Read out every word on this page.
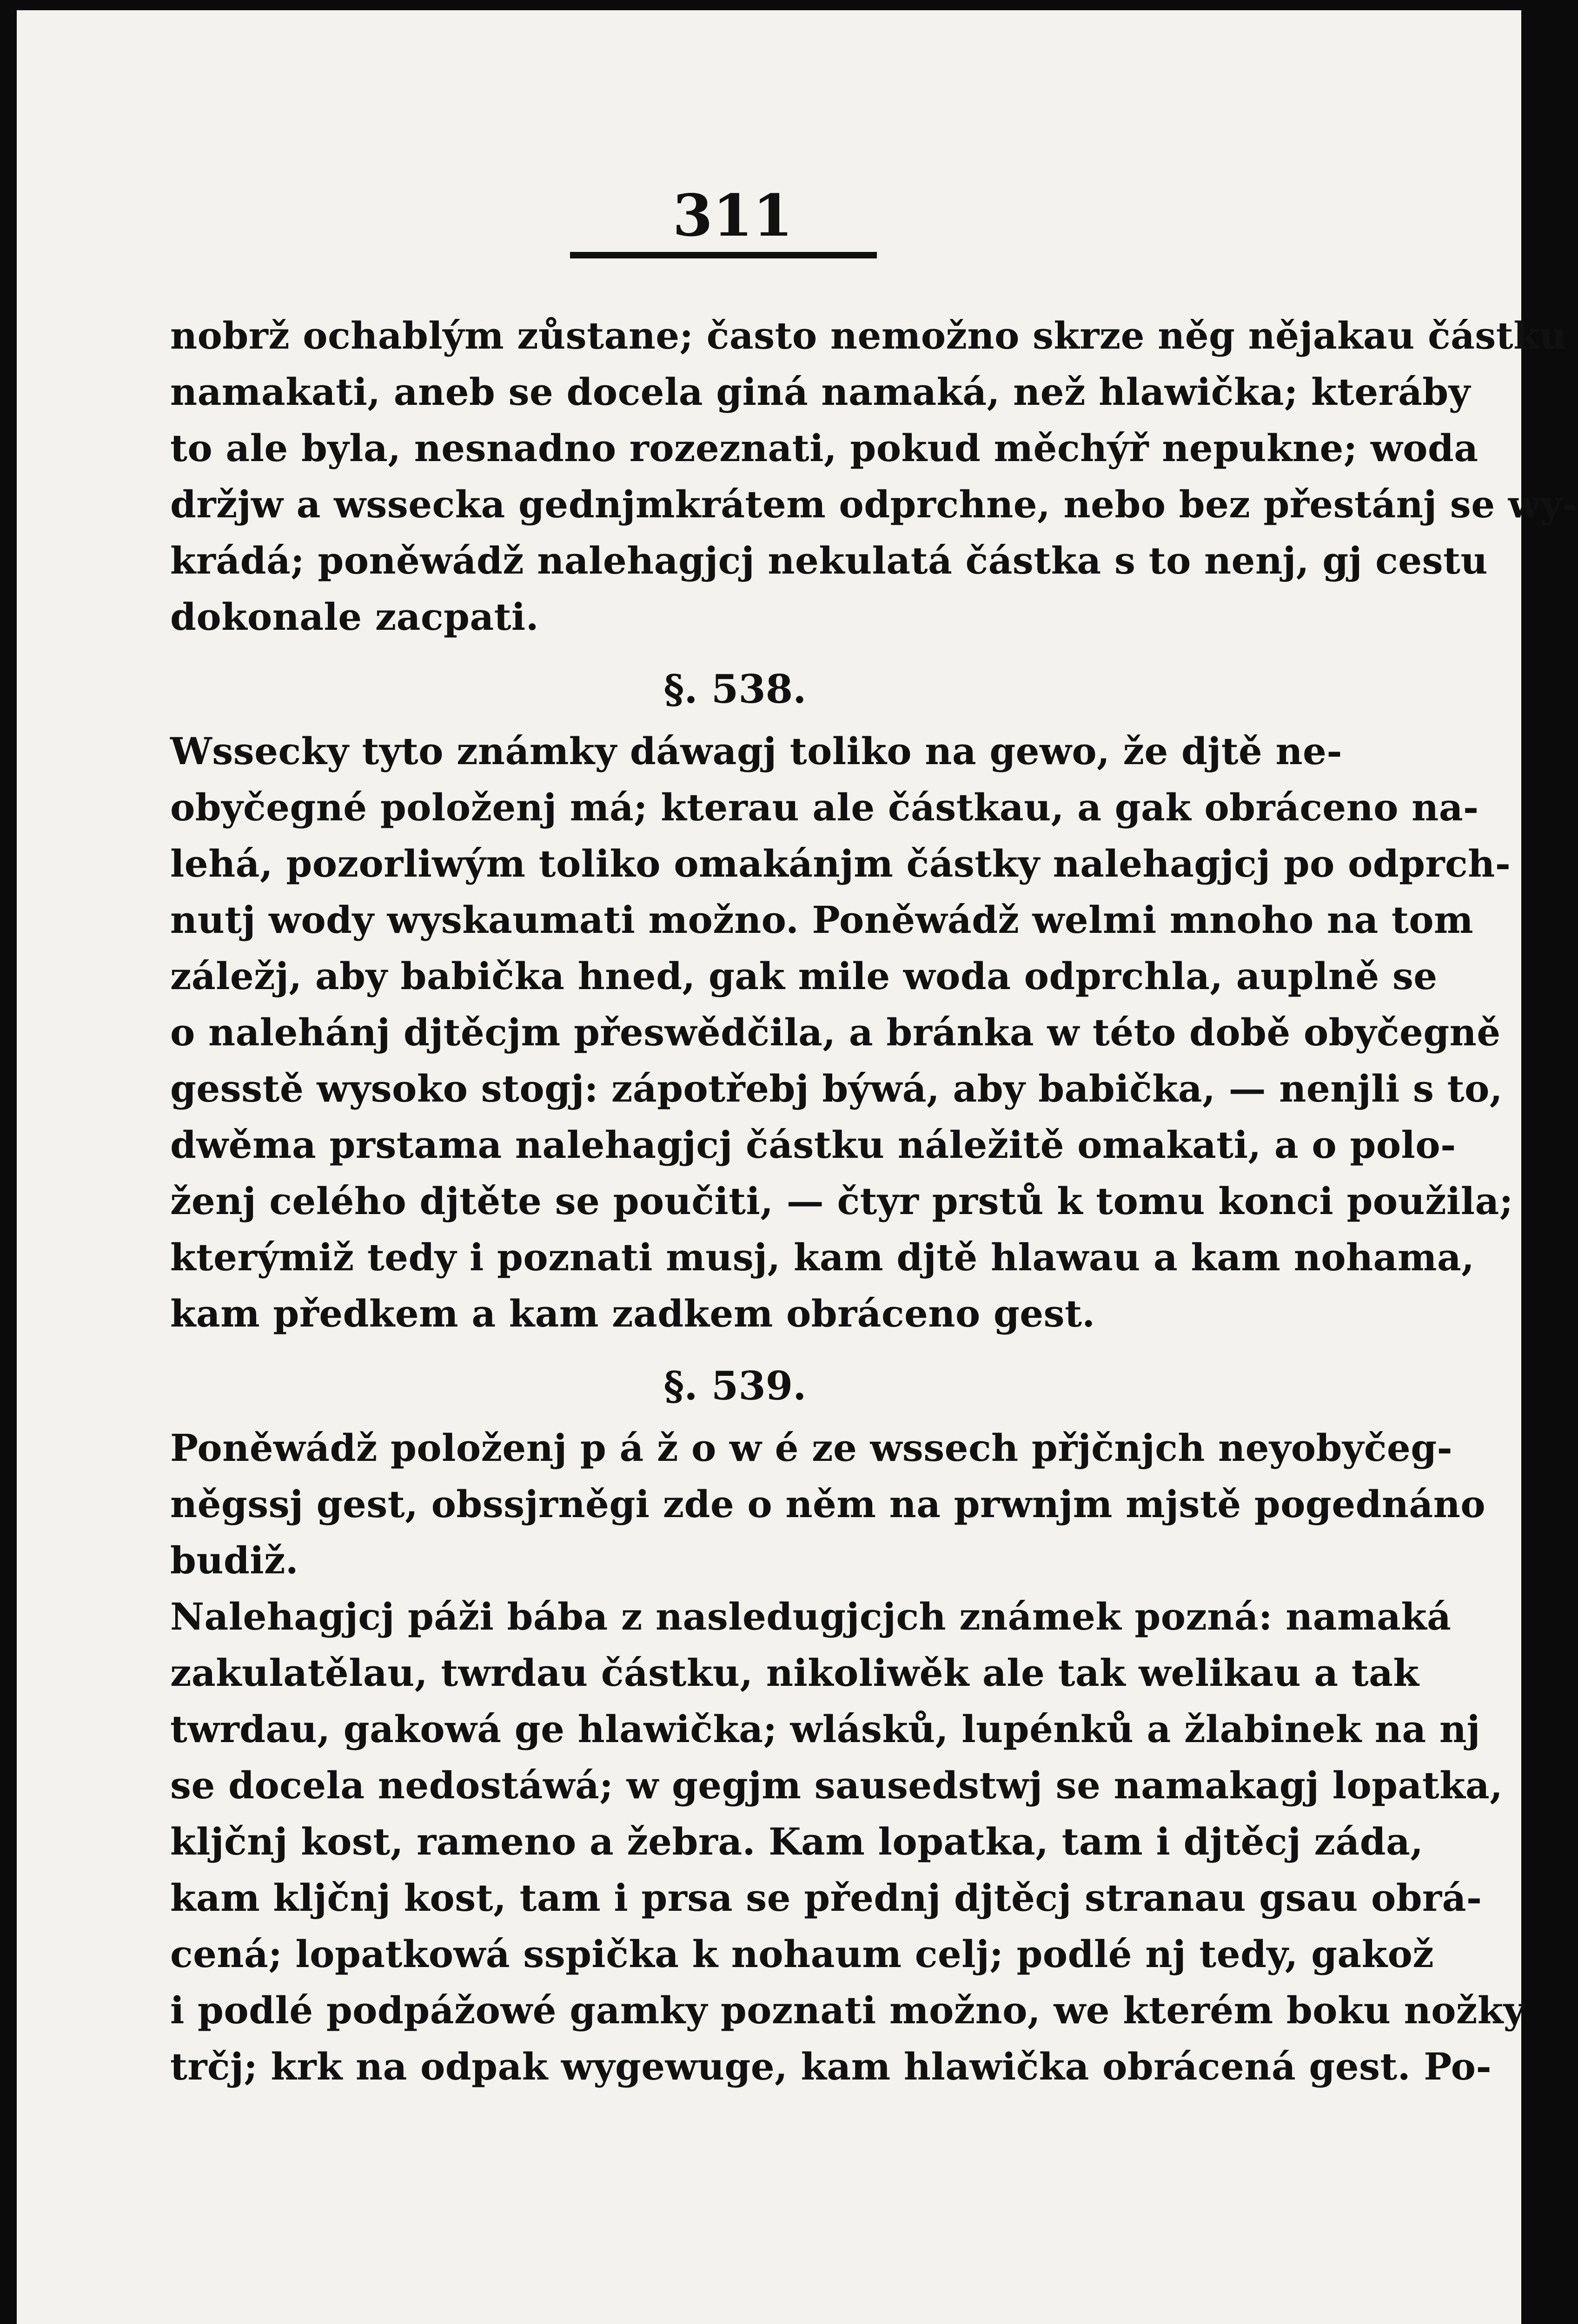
311
nobrž ochablým zůstane; často nemožno skrze něg nějakau částku
namakati, aneb se docela giná namaká, než hlawička; kteráby
to ale byla, nesnadno rozeznati, pokud měchýř nepukne; woda
držjw a wssecka gednjmkrátem odprchne, nebo bez přestánj se wy-
krádá; poněwádž nalehagjcj nekulatá částka s to nenj, gj cestu
dokonale zacpati.
§. 538.
Wssecky tyto známky dáwagj toliko na gewo, že djtě ne-
obyčegné položenj má; kterau ale částkau, a gak obráceno na-
lehá, pozorliwým toliko omakánjm částky nalehagjcj po odprch-
nutj wody wyskaumati možno. Poněwádž welmi mnoho na tom
záležj, aby babička hned, gak mile woda odprchla, auplně se
o nalehánj djtěcjm přeswědčila, a bránka w této době obyčegně
gesstě wysoko stogj: zápotřebj býwá, aby babička, — nenjli s to,
dwěma prstama nalehagjcj částku náležitě omakati, a o polo-
ženj celého djtěte se poučiti, — čtyr prstů k tomu konci použila;
kterýmiž tedy i poznati musj, kam djtě hlawau a kam nohama,
kam předkem a kam zadkem obráceno gest.
§. 539.
Poněwádž položenj p á ž o w é ze wssech přjčnjch neyobyčeg-
něgssj gest, obssjrněgi zde o něm na prwnjm mjstě pogednáno
budiž.
Nalehagjcj páži bába z nasledugjcjch známek pozná: namaká
zakulatělau, twrdau částku, nikoliwěk ale tak welikau a tak
twrdau, gakowá ge hlawička; wlásků, lupénků a žlabinek na nj
se docela nedostáwá; w gegjm sausedstwj se namakagj lopatka,
kljčnj kost, rameno a žebra. Kam lopatka, tam i djtěcj záda,
kam kljčnj kost, tam i prsa se přednj djtěcj stranau gsau obrá-
cená; lopatkowá sspička k nohaum celj; podlé nj tedy, gakož
i podlé podpážowé gamky poznati možno, we kterém boku nožky
trčj; krk na odpak wygewuge, kam hlawička obrácená gest. Po-
